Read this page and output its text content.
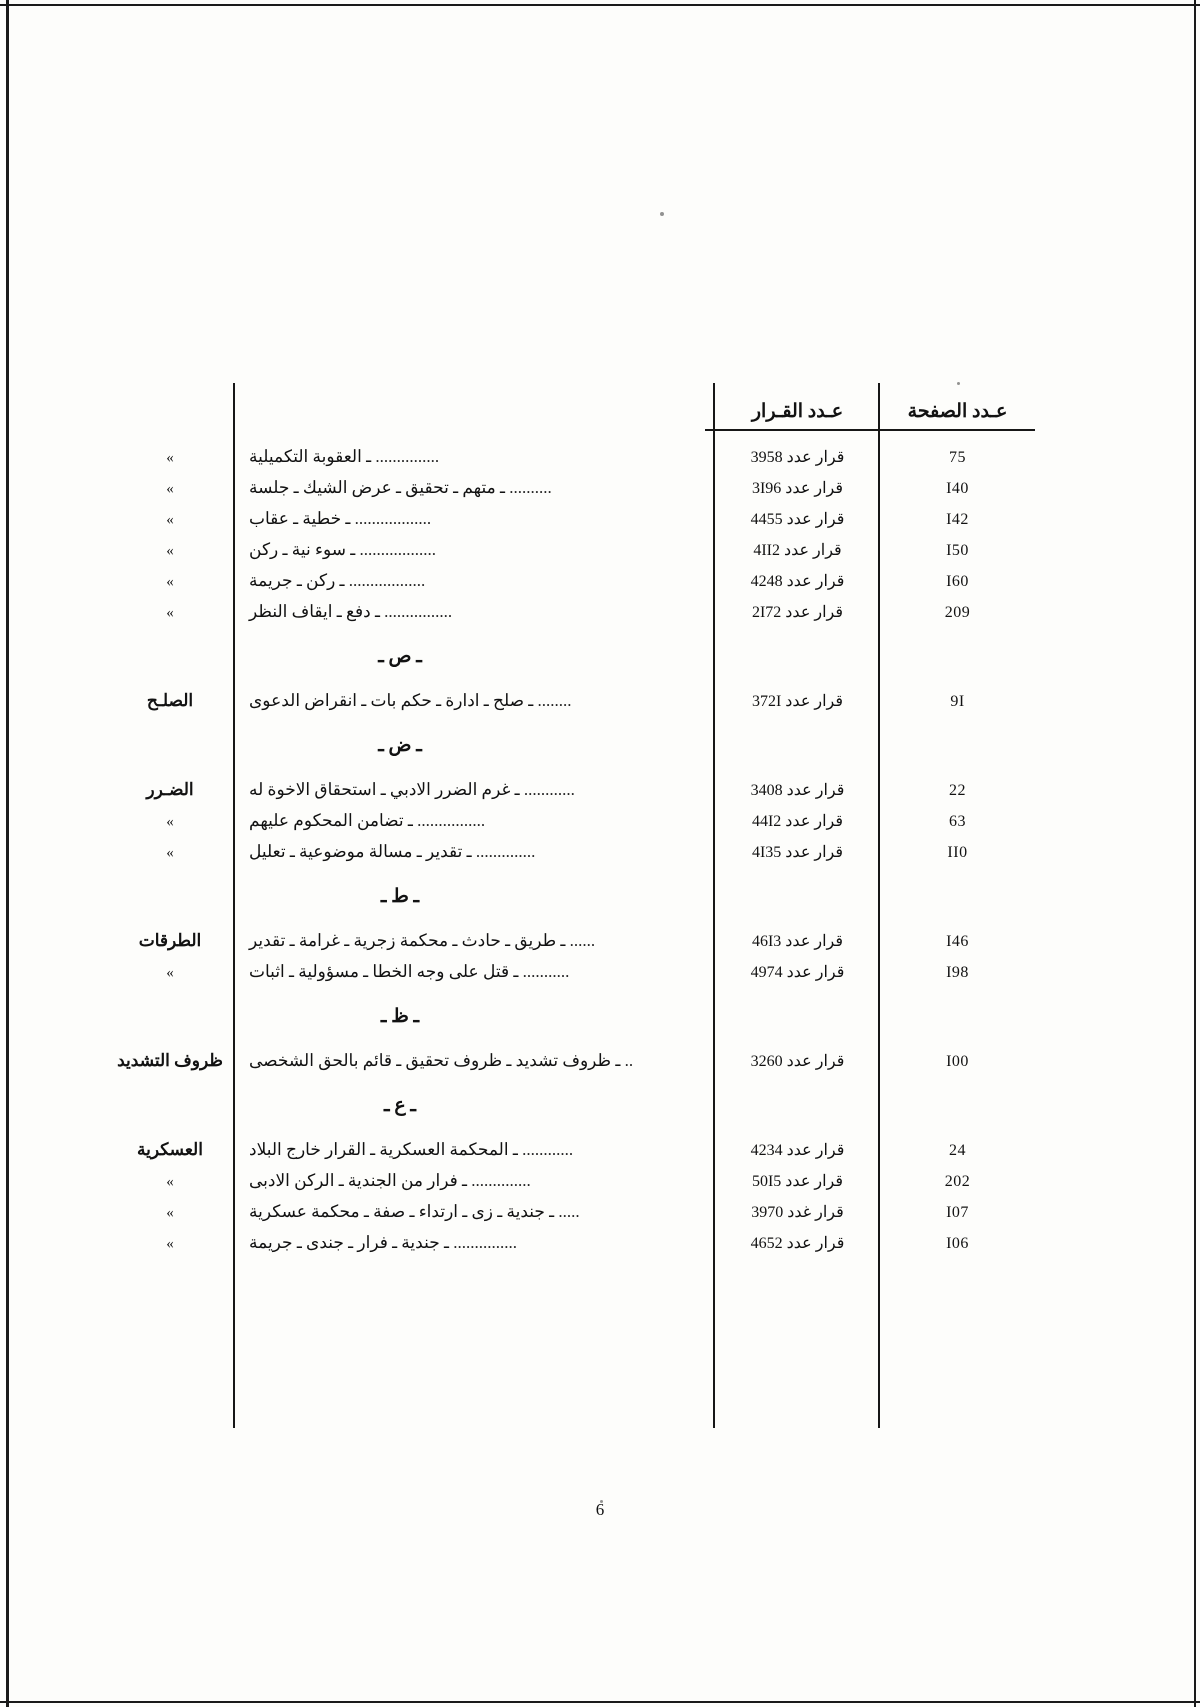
عـدد الصفحة
عـدد القـرار
75
قرار عدد 3958
............... ـ العقوبة التكميلية
»
I40
قرار عدد 3I96
.......... ـ متهم ـ تحقيق ـ عرض الشيك ـ جلسة
»
I42
قرار عدد 4455
.................. ـ خطية ـ عقاب
»
I50
قرار عدد 4II2
.................. ـ سوء نية ـ ركن
»
I60
قرار عدد 4248
.................. ـ ركن ـ جريمة
»
209
قرار عدد 2I72
................ ـ دفع ـ ايقاف النظر
»
ـ ص ـ
9I
قرار عدد 372I
........ ـ صلح ـ ادارة ـ حكم بات ـ انقراض الدعوى
الصلـح
ـ ض ـ
22
قرار عدد 3408
............ ـ غرم الضرر الادبي ـ استحقاق الاخوة له
الضـرر
63
قرار عدد 44I2
................ ـ تضامن المحكوم عليهم
»
II0
قرار عدد 4I35
.............. ـ تقدير ـ مسالة موضوعية ـ تعليل
»
ـ ط ـ
I46
قرار عدد 46I3
...... ـ طريق ـ حادث ـ محكمة زجرية ـ غرامة ـ تقدير
الطرقات
I98
قرار عدد 4974
........... ـ قتل على وجه الخطا ـ مسؤولية ـ اثبات
»
ـ ظ ـ
I00
قرار عدد 3260
.. ـ ظروف تشديد ـ ظروف تحقيق ـ قائم بالحق الشخصى
ظروف التشديد
ـ ع ـ
24
قرار عدد 4234
............ ـ المحكمة العسكرية ـ القرار خارج البلاد
العسكرية
202
قرار عدد 50I5
.............. ـ فرار من الجندية ـ الركن الادبى
»
I07
قرار غدد 3970
..... ـ جندية ـ زى ـ ارتداء ـ صفة ـ محكمة عسكرية
»
I06
قرار عدد 4652
............... ـ جندية ـ فرار ـ جندى ـ جريمة
»
6
